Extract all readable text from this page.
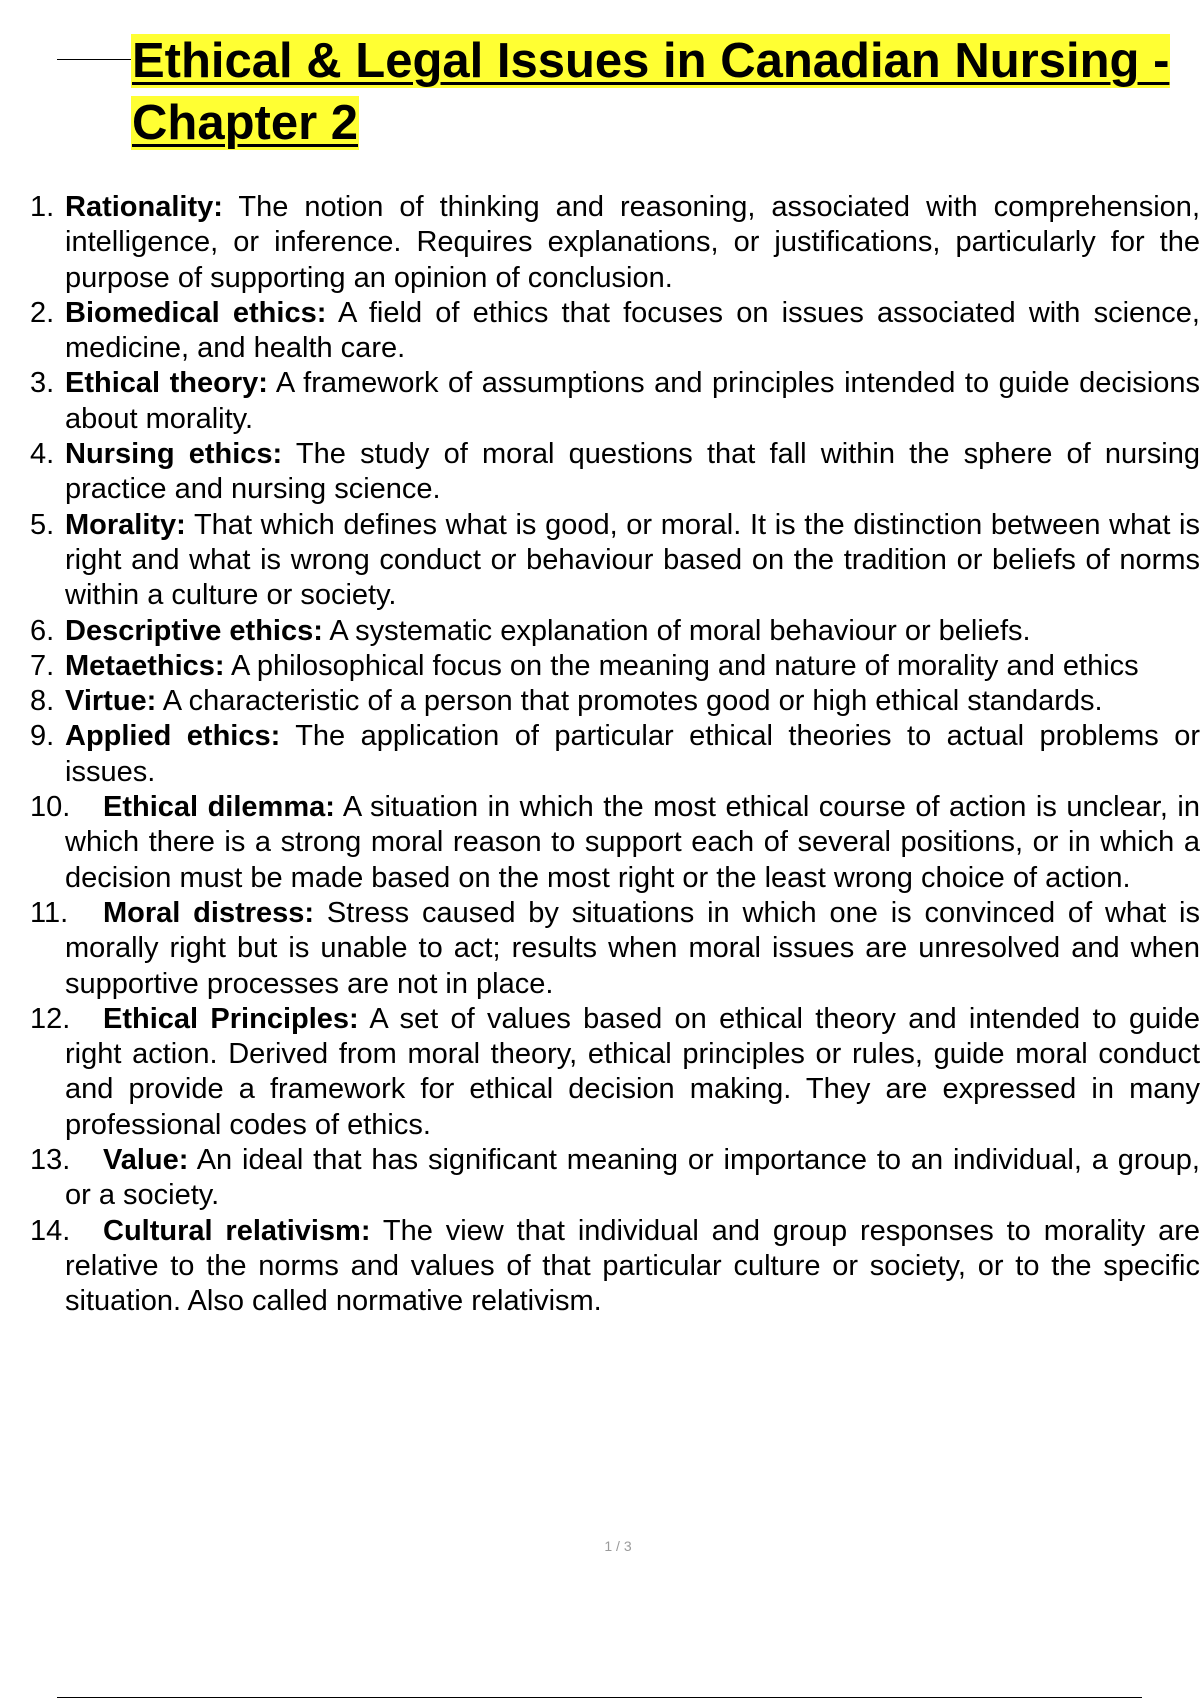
Ethical & Legal Issues in Canadian Nursing - Chapter 2
1. Rationality: The notion of thinking and reasoning, associated with comprehension, intelligence, or inference. Requires explanations, or justifications, particularly for the purpose of supporting an opinion of conclusion.
2. Biomedical ethics: A field of ethics that focuses on issues associated with science, medicine, and health care.
3. Ethical theory: A framework of assumptions and principles intended to guide decisions about morality.
4. Nursing ethics: The study of moral questions that fall within the sphere of nursing practice and nursing science.
5. Morality: That which defines what is good, or moral. It is the distinction between what is right and what is wrong conduct or behaviour based on the tradition or beliefs of norms within a culture or society.
6. Descriptive ethics: A systematic explanation of moral behaviour or beliefs.
7. Metaethics: A philosophical focus on the meaning and nature of morality and ethics
8. Virtue: A characteristic of a person that promotes good or high ethical standards.
9. Applied ethics: The application of particular ethical theories to actual problems or issues.
10. Ethical dilemma: A situation in which the most ethical course of action is unclear, in which there is a strong moral reason to support each of several positions, or in which a decision must be made based on the most right or the least wrong choice of action.
11. Moral distress: Stress caused by situations in which one is convinced of what is morally right but is unable to act; results when moral issues are unresolved and when supportive processes are not in place.
12. Ethical Principles: A set of values based on ethical theory and intended to guide right action. Derived from moral theory, ethical principles or rules, guide moral conduct and provide a framework for ethical decision making. They are expressed in many professional codes of ethics.
13. Value: An ideal that has significant meaning or importance to an individual, a group, or a society.
14. Cultural relativism: The view that individual and group responses to morality are relative to the norms and values of that particular culture or society, or to the specific situation. Also called normative relativism.
1 / 3
